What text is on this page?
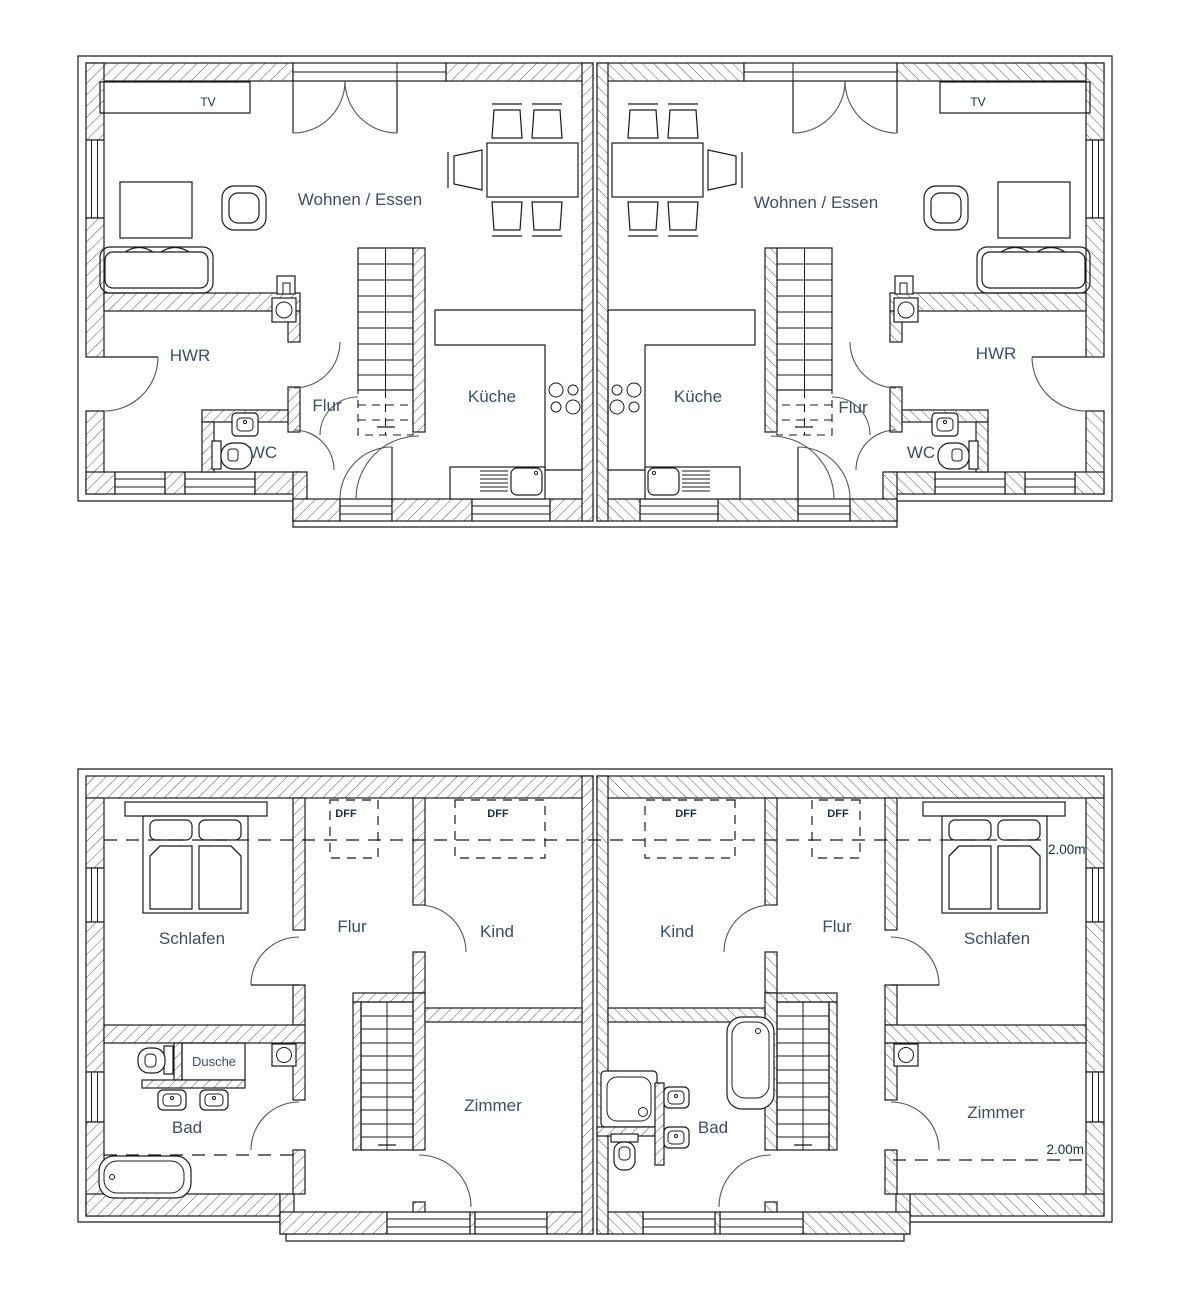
TV	TV
Wohnen / Essen	Wohnen / Essen
HWR	HWR
Flur	Flur
Küche	Küche
WC	WC
DFF	DFF	DFF	DFF
2.00m
2.00m
Schlafen	Schlafen
Flur	Flur
Kind	Kind
Dusche
Bad	Bad
Zimmer	Zimmer
